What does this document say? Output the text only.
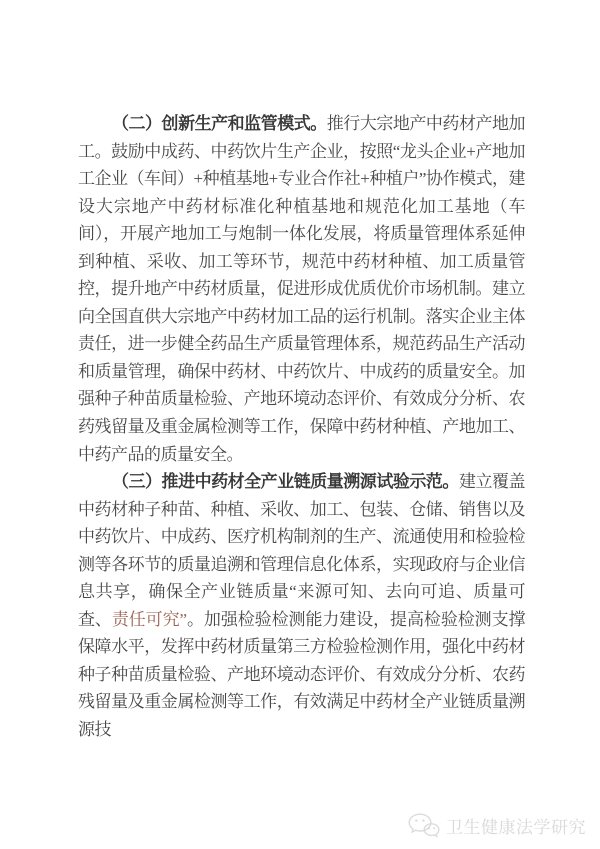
（二）创新生产和监管模式。推行大宗地产中药材产地加工。鼓励中成药、中药饮片生产企业，按照“龙头企业+产地加工企业（车间）+种植基地+专业合作社+种植户”协作模式，建设大宗地产中药材标准化种植基地和规范化加工基地（车间），开展产地加工与炮制一体化发展，将质量管理体系延伸到种植、采收、加工等环节，规范中药材种植、加工质量管控，提升地产中药材质量，促进形成优质优价市场机制。建立向全国直供大宗地产中药材加工品的运行机制。落实企业主体责任，进一步健全药品生产质量管理体系，规范药品生产活动和质量管理，确保中药材、中药饮片、中成药的质量安全。加强种子种苗质量检验、产地环境动态评价、有效成分分析、农药残留量及重金属检测等工作，保障中药材种植、产地加工、中药产品的质量安全。

（三）推进中药材全产业链质量溯源试验示范。建立覆盖中药材种子种苗、种植、采收、加工、包装、仓储、销售以及中药饮片、中成药、医疗机构制剂的生产、流通使用和检验检测等各环节的质量追溯和管理信息化体系，实现政府与企业信息共享，确保全产业链质量“来源可知、去向可追、质量可查、责任可究”。加强检验检测能力建设，提高检验检测支撑保障水平，发挥中药材质量第三方检验检测作用，强化中药材种子种苗质量检验、产地环境动态评价、有效成分分析、农药残留量及重金属检测等工作，有效满足中药材全产业链质量溯源技

卫生健康法学研究
